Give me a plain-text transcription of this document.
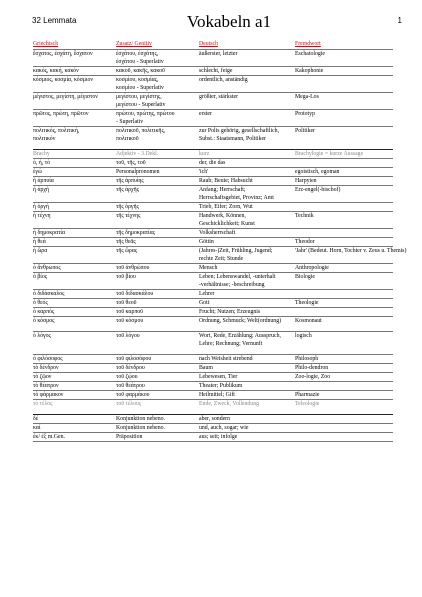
32 Lemmata	Vokabeln a1	1
Griechisch	Zusatz/ Genitiv	Deutsch	Fremdwort
ἔσχατος, ἐσχάτη, ἔσχατον	ἐσχάτου, ἐσχάτης,	äußerster, letzter	Eschatologie
	ἐσχάτου - Superlativ		
κακός, κακή, κακόν	κακοῦ, κακῆς, κακοῦ	schlecht, feige	Kakophonie
κόσμιος, κοσμία, κόσμιον	κοσμίου, κοσμίας,	ordentlich, anständig	
	κοσμίου - Superlativ		
μέγιστος, μεγίστη, μέγιστον	μεγίστου, μεγίστης,	größter, stärkster	Mega-Los
	μεγίστου - Superlativ		
πρῶτος, πρώτη, πρῶτον	πρώτου, πρώτης, πρώτου	erster	Prototyp
	- Superlativ		
πολιτικός, πολιτική,	πολιτικοῦ, πολιτικῆς,	zur Polis gehörig, gesellschaftlich,	Politiker
πολιτικόν	πολιτικοῦ	Subst.: Staatsmann, Politiker	

Brachy	Adjektiv - 3.Dekl.	kurz	Brachylogie = kurze Aussage
ὁ, ἡ, τό	τοῦ, τῆς, τοῦ	der, die das	
ἐγώ	Personalpronomen	'ich'	egoistisch, egoman
ἡ ἁρπυία	τῆς ἁρπυίης	Raub; Beute; Habsucht	Harpyien
ἡ ἀρχή	τῆς ἀρχῆς	Anfang; Herrschaft;	Erz-engel(-bischof)
		Herrschaftsgebiet, Provinz; Amt	
ἡ ὀργή	τῆς ὀργῆς	Trieb, Eifer; Zorn, Wut	
ἡ τέχνη	τῆς τέχνης	Handwerk, Können,	Technik
		Geschicklichkeit; Kunst	
ἡ δημοκρατία	τῆς δημοκρατίας	Volksherrschaft	
ἡ θεά	τῆς θεᾶς	Göttin	Theodor
ἡ ὥρα	τῆς ὥρας	(Jahres-)Zeit, Frühling, Jugend;	'Jahr' (Bedeut. Horn, Tochter v. Zeus u. Themis)
		rechte Zeit; Stunde	
ὁ ἄνθρωπος	τοῦ ἀνθρώπου	Mensch	Anthropologie
ὁ βίος	τοῦ βίου	Leben; Lebenswandel, -unterhalt	Biologie
		-verhältnisse; -beschreibung	
ὁ διδάσκαλος	τοῦ διδασκάλου	Lehrer	
ὁ θεός	τοῦ θεοῦ	Gott	Theologie
ὁ καρπός	τοῦ καρποῦ	Frucht; Nutzen; Erzeugnis	
ὁ κόσμος	τοῦ κόσμου	Ordnung, Schmuck; Welt(ordnung)	Kosmonaut

ὁ λόγος	τοῦ λόγου	Wort, Rede, Erzählung; Ausspruch,	logisch
		Lehre; Rechnung; Vernunft	

ὁ φιλόσοφος	τοῦ φιλοσόφου	nach Weisheit strebend	Philosoph
τὸ δένδρον	τοῦ δένδρου	Baum	Philo-dendron
τὸ ζῷον	τοῦ ζῴου	Lebewesen, Tier	Zoo-logie, Zoo
τὸ θέατρον	τοῦ θεάτρου	Theater; Publikum	
τὸ φάρμακον	τοῦ φαρμάκου	Heilmittel; Gift	Pharmazie
τὸ τέλος	τοῦ τέλους	Ende, Zweck, Vollendung	Teleologie

δέ	Konjunktion nebeno.	aber, sondern	
καί	Konjunktion nebeno.	und, auch, sogar; wie	
ἐκ/ ἐξ m.Gen.	Präposition	aus; seit; infolge	
